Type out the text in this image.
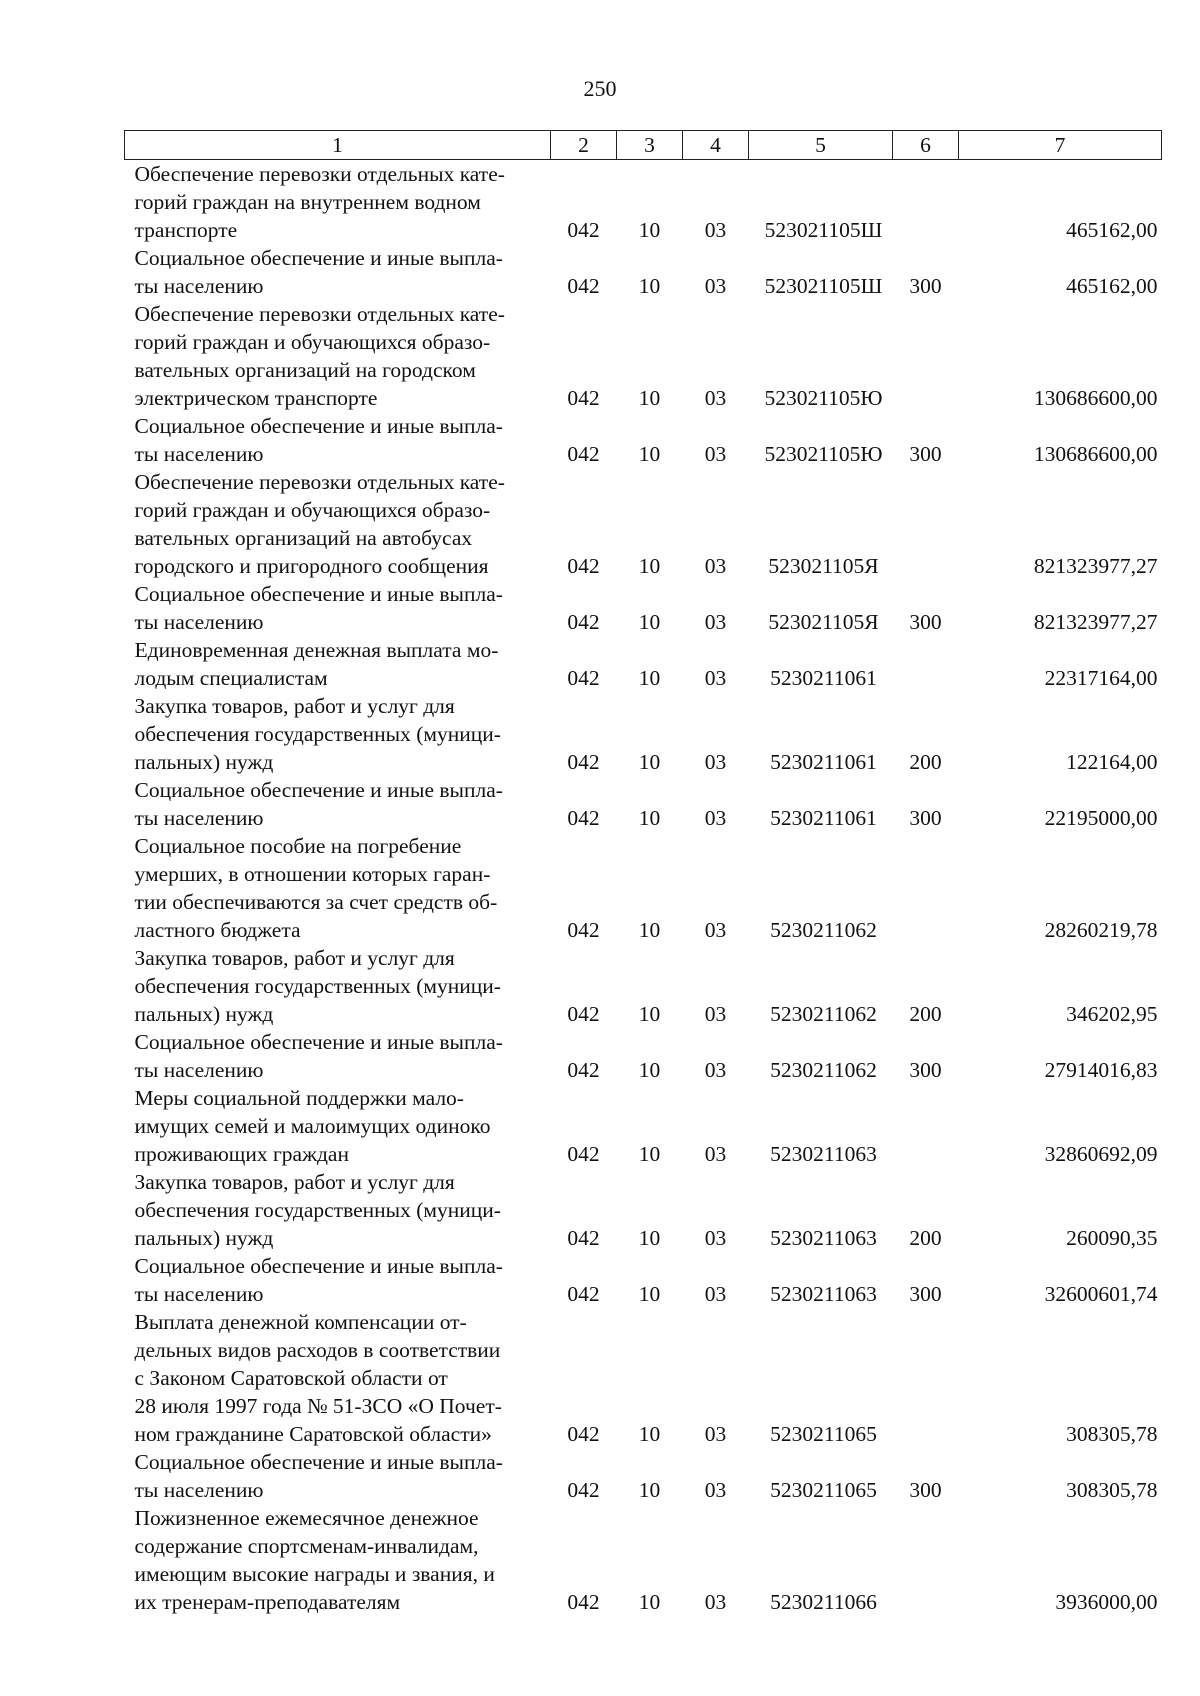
250
1	2	3	4	5	6	7

Обеспечение перевозки отдельных кате-
горий граждан на внутреннем водном
транспорте	042	10	03	523021105Ш		465162,00

Социальное обеспечение и иные выпла-
ты населению	042	10	03	523021105Ш	300	465162,00

Обеспечение перевозки отдельных кате-
горий граждан и обучающихся образо-
вательных организаций на городском
электрическом транспорте	042	10	03	523021105Ю		130686600,00

Социальное обеспечение и иные выпла-
ты населению	042	10	03	523021105Ю	300	130686600,00

Обеспечение перевозки отдельных кате-
горий граждан и обучающихся образо-
вательных организаций на автобусах
городского и пригородного сообщения	042	10	03	523021105Я		821323977,27

Социальное обеспечение и иные выпла-
ты населению	042	10	03	523021105Я	300	821323977,27

Единовременная денежная выплата мо-
лодым специалистам	042	10	03	5230211061		22317164,00

Закупка товаров, работ и услуг для
обеспечения государственных (муници-
пальных) нужд	042	10	03	5230211061	200	122164,00

Социальное обеспечение и иные выпла-
ты населению	042	10	03	5230211061	300	22195000,00

Социальное пособие на погребение
умерших, в отношении которых гаран-
тии обеспечиваются за счет средств об-
ластного бюджета	042	10	03	5230211062		28260219,78

Закупка товаров, работ и услуг для
обеспечения государственных (муници-
пальных) нужд	042	10	03	5230211062	200	346202,95

Социальное обеспечение и иные выпла-
ты населению	042	10	03	5230211062	300	27914016,83

Меры социальной поддержки мало-
имущих семей и малоимущих одиноко
проживающих граждан	042	10	03	5230211063		32860692,09

Закупка товаров, работ и услуг для
обеспечения государственных (муници-
пальных) нужд	042	10	03	5230211063	200	260090,35

Социальное обеспечение и иные выпла-
ты населению	042	10	03	5230211063	300	32600601,74

Выплата денежной компенсации от-
дельных видов расходов в соответствии
с Законом Саратовской области от
28 июля 1997 года № 51-ЗСО «О Почет-
ном гражданине Саратовской области»	042	10	03	5230211065		308305,78

Социальное обеспечение и иные выпла-
ты населению	042	10	03	5230211065	300	308305,78

Пожизненное ежемесячное денежное
содержание спортсменам-инвалидам,
имеющим высокие награды и звания, и
их тренерам-преподавателям	042	10	03	5230211066		3936000,00
